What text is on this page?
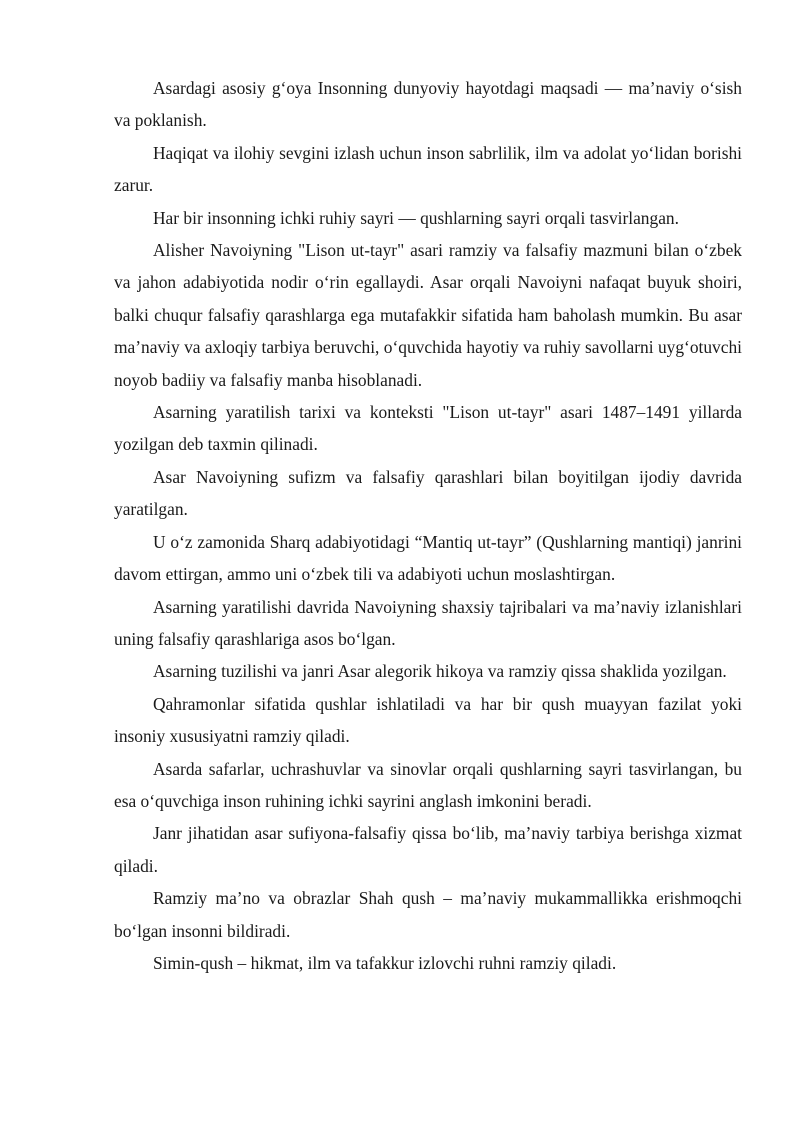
Asardagi asosiy g‘oya Insonning dunyoviy hayotdagi maqsadi — ma’naviy o‘sish va poklanish.

Haqiqat va ilohiy sevgini izlash uchun inson sabrlilik, ilm va adolat yo‘lidan borishi zarur.

Har bir insonning ichki ruhiy sayri — qushlarning sayri orqali tasvirlangan.

Alisher Navoiyning "Lison ut-tayr" asari ramziy va falsafiy mazmuni bilan o‘zbek va jahon adabiyotida nodir o‘rin egallaydi. Asar orqali Navoiyni nafaqat buyuk shoiri, balki chuqur falsafiy qarashlarga ega mutafakkir sifatida ham baholash mumkin. Bu asar ma’naviy va axloqiy tarbiya beruvchi, o‘quvchida hayotiy va ruhiy savollarni uyg‘otuvchi noyob badiiy va falsafiy manba hisoblanadi.

Asarning yaratilish tarixi va konteksti "Lison ut-tayr" asari 1487–1491 yillarda yozilgan deb taxmin qilinadi.

Asar Navoiyning sufizm va falsafiy qarashlari bilan boyitilgan ijodiy davrida yaratilgan.

U o‘z zamonida Sharq adabiyotidagi “Mantiq ut-tayr” (Qushlarning mantiqi) janrini davom ettirgan, ammo uni o‘zbek tili va adabiyoti uchun moslashtirgan.

Asarning yaratilishi davrida Navoiyning shaxsiy tajribalari va ma’naviy izlanishlari uning falsafiy qarashlariga asos bo‘lgan.

Asarning tuzilishi va janri Asar alegorik hikoya va ramziy qissa shaklida yozilgan.

Qahramonlar sifatida qushlar ishlatiladi va har bir qush muayyan fazilat yoki insoniy xususiyatni ramziy qiladi.

Asarda safarlar, uchrashuvlar va sinovlar orqali qushlarning sayri tasvirlangan, bu esa o‘quvchiga inson ruhining ichki sayrini anglash imkonini beradi.

Janr jihatidan asar sufiyona-falsafiy qissa bo‘lib, ma’naviy tarbiya berishga xizmat qiladi.

Ramziy ma’no va obrazlar Shah qush – ma’naviy mukammallikka erishmoqchi bo‘lgan insonni bildiradi.

Simin-qush – hikmat, ilm va tafakkur izlovchi ruhni ramziy qiladi.
